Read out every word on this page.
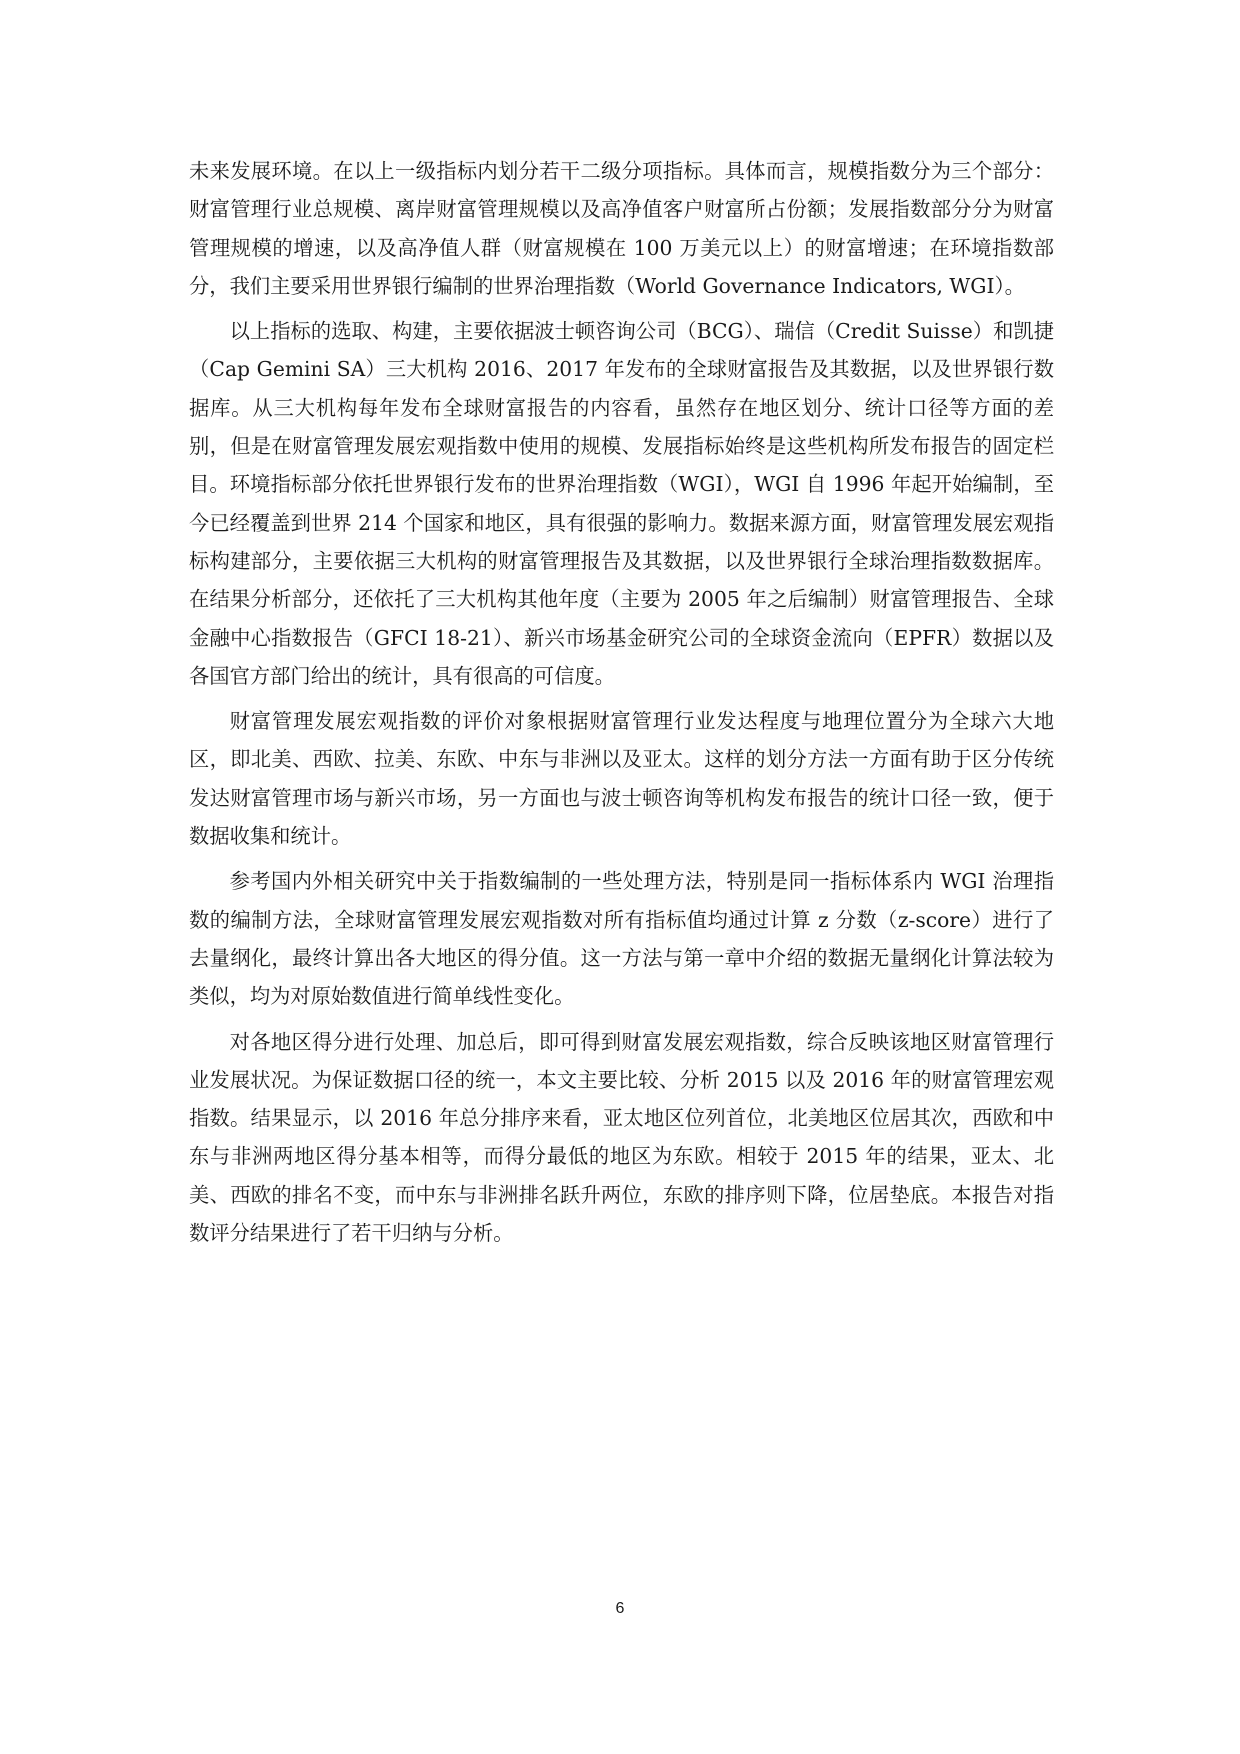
未来发展环境。在以上一级指标内划分若干二级分项指标。具体而言，规模指数分为三个部分：财富管理行业总规模、离岸财富管理规模以及高净值客户财富所占份额；发展指数部分分为财富管理规模的增速，以及高净值人群（财富规模在 100 万美元以上）的财富增速；在环境指数部分，我们主要采用世界银行编制的世界治理指数（World Governance Indicators, WGI）。

以上指标的选取、构建，主要依据波士顿咨询公司（BCG）、瑞信（Credit Suisse）和凯捷（Cap Gemini SA）三大机构 2016、2017 年发布的全球财富报告及其数据，以及世界银行数据库。从三大机构每年发布全球财富报告的内容看，虽然存在地区划分、统计口径等方面的差别，但是在财富管理发展宏观指数中使用的规模、发展指标始终是这些机构所发布报告的固定栏目。环境指标部分依托世界银行发布的世界治理指数（WGI），WGI 自 1996 年起开始编制，至今已经覆盖到世界 214 个国家和地区，具有很强的影响力。数据来源方面，财富管理发展宏观指标构建部分，主要依据三大机构的财富管理报告及其数据，以及世界银行全球治理指数数据库。在结果分析部分，还依托了三大机构其他年度（主要为 2005 年之后编制）财富管理报告、全球金融中心指数报告（GFCI 18-21）、新兴市场基金研究公司的全球资金流向（EPFR）数据以及各国官方部门给出的统计，具有很高的可信度。

财富管理发展宏观指数的评价对象根据财富管理行业发达程度与地理位置分为全球六大地区，即北美、西欧、拉美、东欧、中东与非洲以及亚太。这样的划分方法一方面有助于区分传统发达财富管理市场与新兴市场，另一方面也与波士顿咨询等机构发布报告的统计口径一致，便于数据收集和统计。

参考国内外相关研究中关于指数编制的一些处理方法，特别是同一指标体系内 WGI 治理指数的编制方法，全球财富管理发展宏观指数对所有指标值均通过计算 z 分数（z-score）进行了去量纲化，最终计算出各大地区的得分值。这一方法与第一章中介绍的数据无量纲化计算法较为类似，均为对原始数值进行简单线性变化。

对各地区得分进行处理、加总后，即可得到财富发展宏观指数，综合反映该地区财富管理行业发展状况。为保证数据口径的统一，本文主要比较、分析 2015 以及 2016 年的财富管理宏观指数。结果显示，以 2016 年总分排序来看，亚太地区位列首位，北美地区位居其次，西欧和中东与非洲两地区得分基本相等，而得分最低的地区为东欧。相较于 2015 年的结果，亚太、北美、西欧的排名不变，而中东与非洲排名跃升两位，东欧的排序则下降，位居垫底。本报告对指数评分结果进行了若干归纳与分析。

6
